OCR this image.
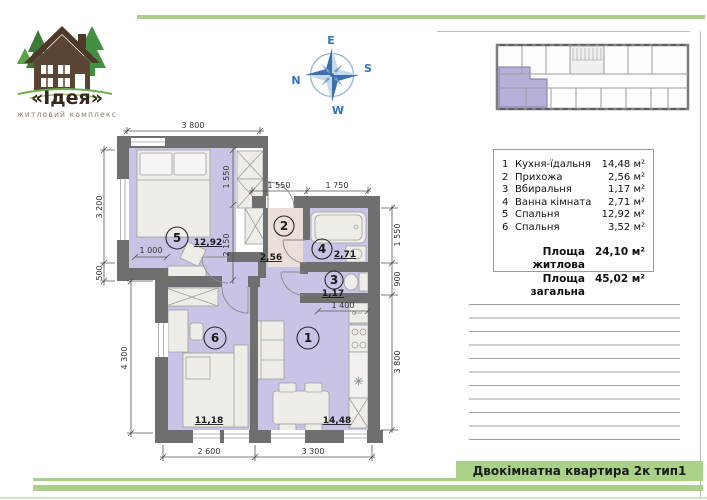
«Ідея»
житловий комплекс
E
S
W
N
5 12,92
2
2,56
4 2,71
3
1,17
1
14,48
6
11,18
3 800
3 200
500
4 300
1 000
1 550
2 150
1 550	1 750
1 550
900
3 800
1 400
2 600	3 300
1 Кухня-їдальня	14,48 м²
2 Прихожа	2,56 м²
3 Вбиральня	1,17 м²
4 Ванна кімната	2,71 м²
5 Спальня	12,92 м²
6 Спальня	3,52 м²
Площа житлова
24,10 м²
Площа загальна
45,02 м²
Двокімнатна квартира 2к тип1
